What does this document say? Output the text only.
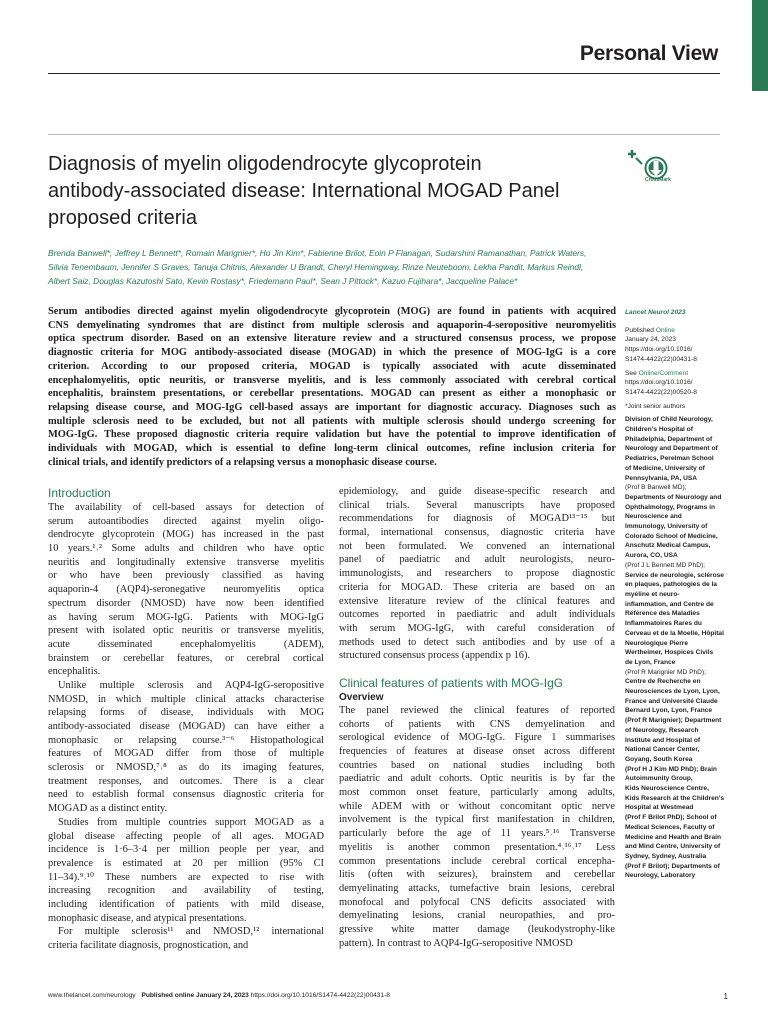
Personal View
Diagnosis of myelin oligodendrocyte glycoprotein
antibody-associated disease: International MOGAD Panel
proposed criteria
CrossMark

Brenda Banwell*, Jeffrey L Bennett*, Romain Marignier*, Ho Jin Kim*, Fabienne Brilot, Eoin P Flanagan, Sudarshini Ramanathan, Patrick Waters,
Silvia Tenembaum, Jennifer S Graves, Tanuja Chitnis, Alexander U Brandt, Cheryl Hemingway, Rinze Neuteboom, Lekha Pandit, Markus Reindl,
Albert Saiz, Douglas Kazutoshi Sato, Kevin Rostasy*, Friedemann Paul*, Sean J Pittock*, Kazuo Fujihara*, Jacqueline Palace*

Serum antibodies directed against myelin oligodendrocyte glycoprotein (MOG) are found in patients with acquired
CNS demyelinating syndromes that are distinct from multiple sclerosis and aquaporin-4-seropositive neuromyelitis
optica spectrum disorder. Based on an extensive literature review and a structured consensus process, we propose
diagnostic criteria for MOG antibody-associated disease (MOGAD) in which the presence of MOG-IgG is a core
criterion. According to our proposed criteria, MOGAD is typically associated with acute disseminated
encephalomyelitis, optic neuritis, or transverse myelitis, and is less commonly associated with cerebral cortical
encephalitis, brainstem presentations, or cerebellar presentations. MOGAD can present as either a monophasic or
relapsing disease course, and MOG-IgG cell-based assays are important for diagnostic accuracy. Diagnoses such as
multiple sclerosis need to be excluded, but not all patients with multiple sclerosis should undergo screening for
MOG-IgG. These proposed diagnostic criteria require validation but have the potential to improve identification of
individuals with MOGAD, which is essential to define long-term clinical outcomes, refine inclusion criteria for
clinical trials, and identify predictors of a relapsing versus a monophasic disease course.

Introduction
The availability of cell-based assays for detection of
serum autoantibodies directed against myelin oligo-
dendrocyte glycoprotein (MOG) has increased in the past
10 years.¹˒² Some adults and children who have optic
neuritis and longitudinally extensive transverse myelitis
or who have been previously classified as having
aquaporin-4 (AQP4)-seronegative neuromyelitis optica
spectrum disorder (NMOSD) have now been identified
as having serum MOG-IgG. Patients with MOG-IgG
present with isolated optic neuritis or transverse myelitis,
acute disseminated encephalomyelitis (ADEM),
brainstem or cerebellar features, or cerebral cortical
encephalitis.
Unlike multiple sclerosis and AQP4-IgG-seropositive
NMOSD, in which multiple clinical attacks characterise
relapsing forms of disease, individuals with MOG
antibody-associated disease (MOGAD) can have either a
monophasic or relapsing course.³⁻⁶ Histopathological
features of MOGAD differ from those of multiple
sclerosis or NMOSD,⁷˒⁸ as do its imaging features,
treatment responses, and outcomes. There is a clear
need to establish formal consensus diagnostic criteria for
MOGAD as a distinct entity.
Studies from multiple countries support MOGAD as a
global disease affecting people of all ages. MOGAD
incidence is 1·6–3·4 per million people per year, and
prevalence is estimated at 20 per million (95% CI
11–34).⁹˒¹⁰ These numbers are expected to rise with
increasing recognition and availability of testing,
including identification of patients with mild disease,
monophasic disease, and atypical presentations.
For multiple sclerosis¹¹ and NMOSD,¹² international
criteria facilitate diagnosis, prognostication, and
epidemiology, and guide disease-specific research and
clinical trials. Several manuscripts have proposed
recommendations for diagnosis of MOGAD¹³⁻¹⁵ but
formal, international consensus, diagnostic criteria have
not been formulated. We convened an international
panel of paediatric and adult neurologists, neuro-
immunologists, and researchers to propose diagnostic
criteria for MOGAD. These criteria are based on an
extensive literature review of the clinical features and
outcomes reported in paediatric and adult individuals
with serum MOG-IgG, with careful consideration of
methods used to detect such antibodies and by use of a
structured consensus process (appendix p 16).
Clinical features of patients with MOG-IgG
Overview
The panel reviewed the clinical features of reported
cohorts of patients with CNS demyelination and
serological evidence of MOG-IgG. Figure 1 summarises
frequencies of features at disease onset across different
countries based on national studies including both
paediatric and adult cohorts. Optic neuritis is by far the
most common onset feature, particularly among adults,
while ADEM with or without concomitant optic nerve
involvement is the typical first manifestation in children,
particularly before the age of 11 years.⁵˒¹⁶ Transverse
myelitis is another common presentation.⁴˒¹⁶˒¹⁷ Less
common presentations include cerebral cortical encepha-
litis (often with seizures), brainstem and cerebellar
demyelinating attacks, tumefactive brain lesions, cerebral
monofocal and polyfocal CNS deficits associated with
demyelinating lesions, cranial neuropathies, and pro-
gressive white matter damage (leukodystrophy-like
pattern). In contrast to AQP4-IgG-seropositive NMOSD
Lancet Neurol 2023
Published Online
January 24, 2023
https://doi.org/10.1016/
S1474-4422(22)00431-8
See Online/Comment
https://doi.org/10.1016/
S1474-4422(22)00520-8
*Joint senior authors
Division of Child Neurology,
Children’s Hospital of
Philadelphia, Department of
Neurology and Department of
Pediatrics, Perelman School
of Medicine, University of
Pennsylvania, PA, USA
(Prof B Banwell MD);
Departments of Neurology and
Ophthalmology, Programs in
Neuroscience and
Immunology, University of
Colorado School of Medicine,
Anschutz Medical Campus,
Aurora, CO, USA
(Prof J L Bennett MD PhD);
Service de neurologie, sclérose
en plaques, pathologies de la
myéline et neuro-
inflammation, and Centre de
Référence des Maladies
Inflammatoires Rares du
Cerveau et de la Moelle, Hôpital
Neurologique Pierre
Wertheimer, Hospices Civils
de Lyon, France
(Prof R Marignier MD PhD);
Centre de Recherche en
Neurosciences de Lyon, Lyon,
France and Université Claude
Bernard Lyon, Lyon, France
(Prof R Marignier); Department
of Neurology, Research
Institute and Hospital of
National Cancer Center,
Goyang, South Korea
(Prof H J Kim MD PhD); Brain
Autoimmunity Group,
Kids Neuroscience Centre,
Kids Research at the Children’s
Hospital at Westmead
(Prof F Brilot PhD); School of
Medical Sciences, Faculty of
Medicine and Health and Brain
and Mind Centre, University of
Sydney, Sydney, Australia
(Prof F Brilot); Departments of
Neurology, Laboratory
www.thelancet.com/neurology Published online January 24, 2023 https://doi.org/10.1016/S1474-4422(22)00431-8	1
